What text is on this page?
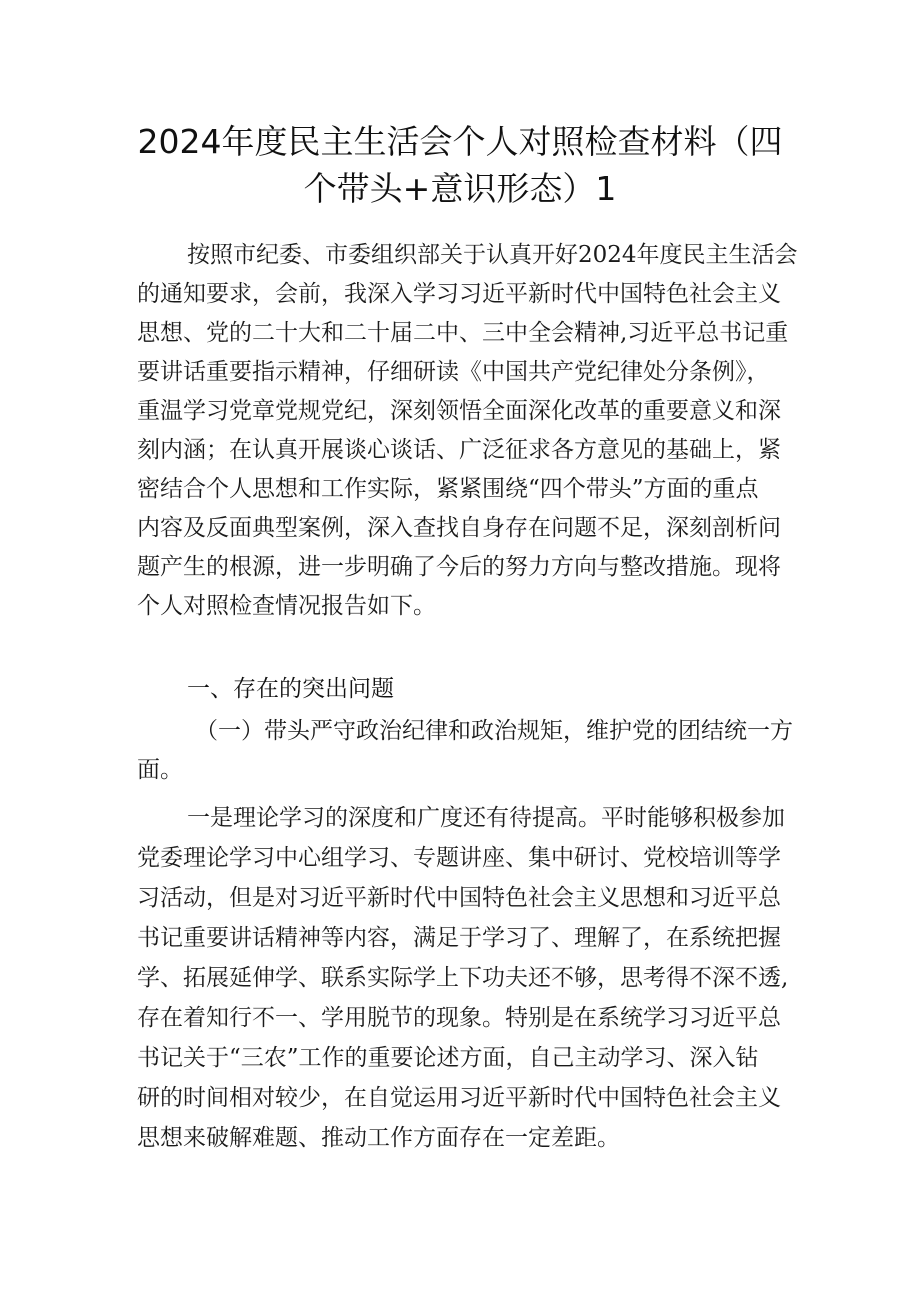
2024年度民主生活会个人对照检查材料（四
个带头+意识形态）1
按照市纪委、市委组织部关于认真开好2024年度民主生活会
的通知要求，会前，我深入学习习近平新时代中国特色社会主义
思想、党的二十大和二十届二中、三中全会精神,习近平总书记重
要讲话重要指示精神，仔细研读《中国共产党纪律处分条例》，
重温学习党章党规党纪，深刻领悟全面深化改革的重要意义和深
刻内涵；在认真开展谈心谈话、广泛征求各方意见的基础上，紧
密结合个人思想和工作实际，紧紧围绕“四个带头”方面的重点
内容及反面典型案例，深入查找自身存在问题不足，深刻剖析问
题产生的根源，进一步明确了今后的努力方向与整改措施。现将
个人对照检查情况报告如下。
一、存在的突出问题
（一）带头严守政治纪律和政治规矩，维护党的团结统一方
面。
一是理论学习的深度和广度还有待提高。平时能够积极参加
党委理论学习中心组学习、专题讲座、集中研讨、党校培训等学
习活动，但是对习近平新时代中国特色社会主义思想和习近平总
书记重要讲话精神等内容，满足于学习了、理解了，在系统把握
学、拓展延伸学、联系实际学上下功夫还不够，思考得不深不透,
存在着知行不一、学用脱节的现象。特别是在系统学习习近平总
书记关于“三农”工作的重要论述方面，自己主动学习、深入钻
研的时间相对较少，在自觉运用习近平新时代中国特色社会主义
思想来破解难题、推动工作方面存在一定差距。
